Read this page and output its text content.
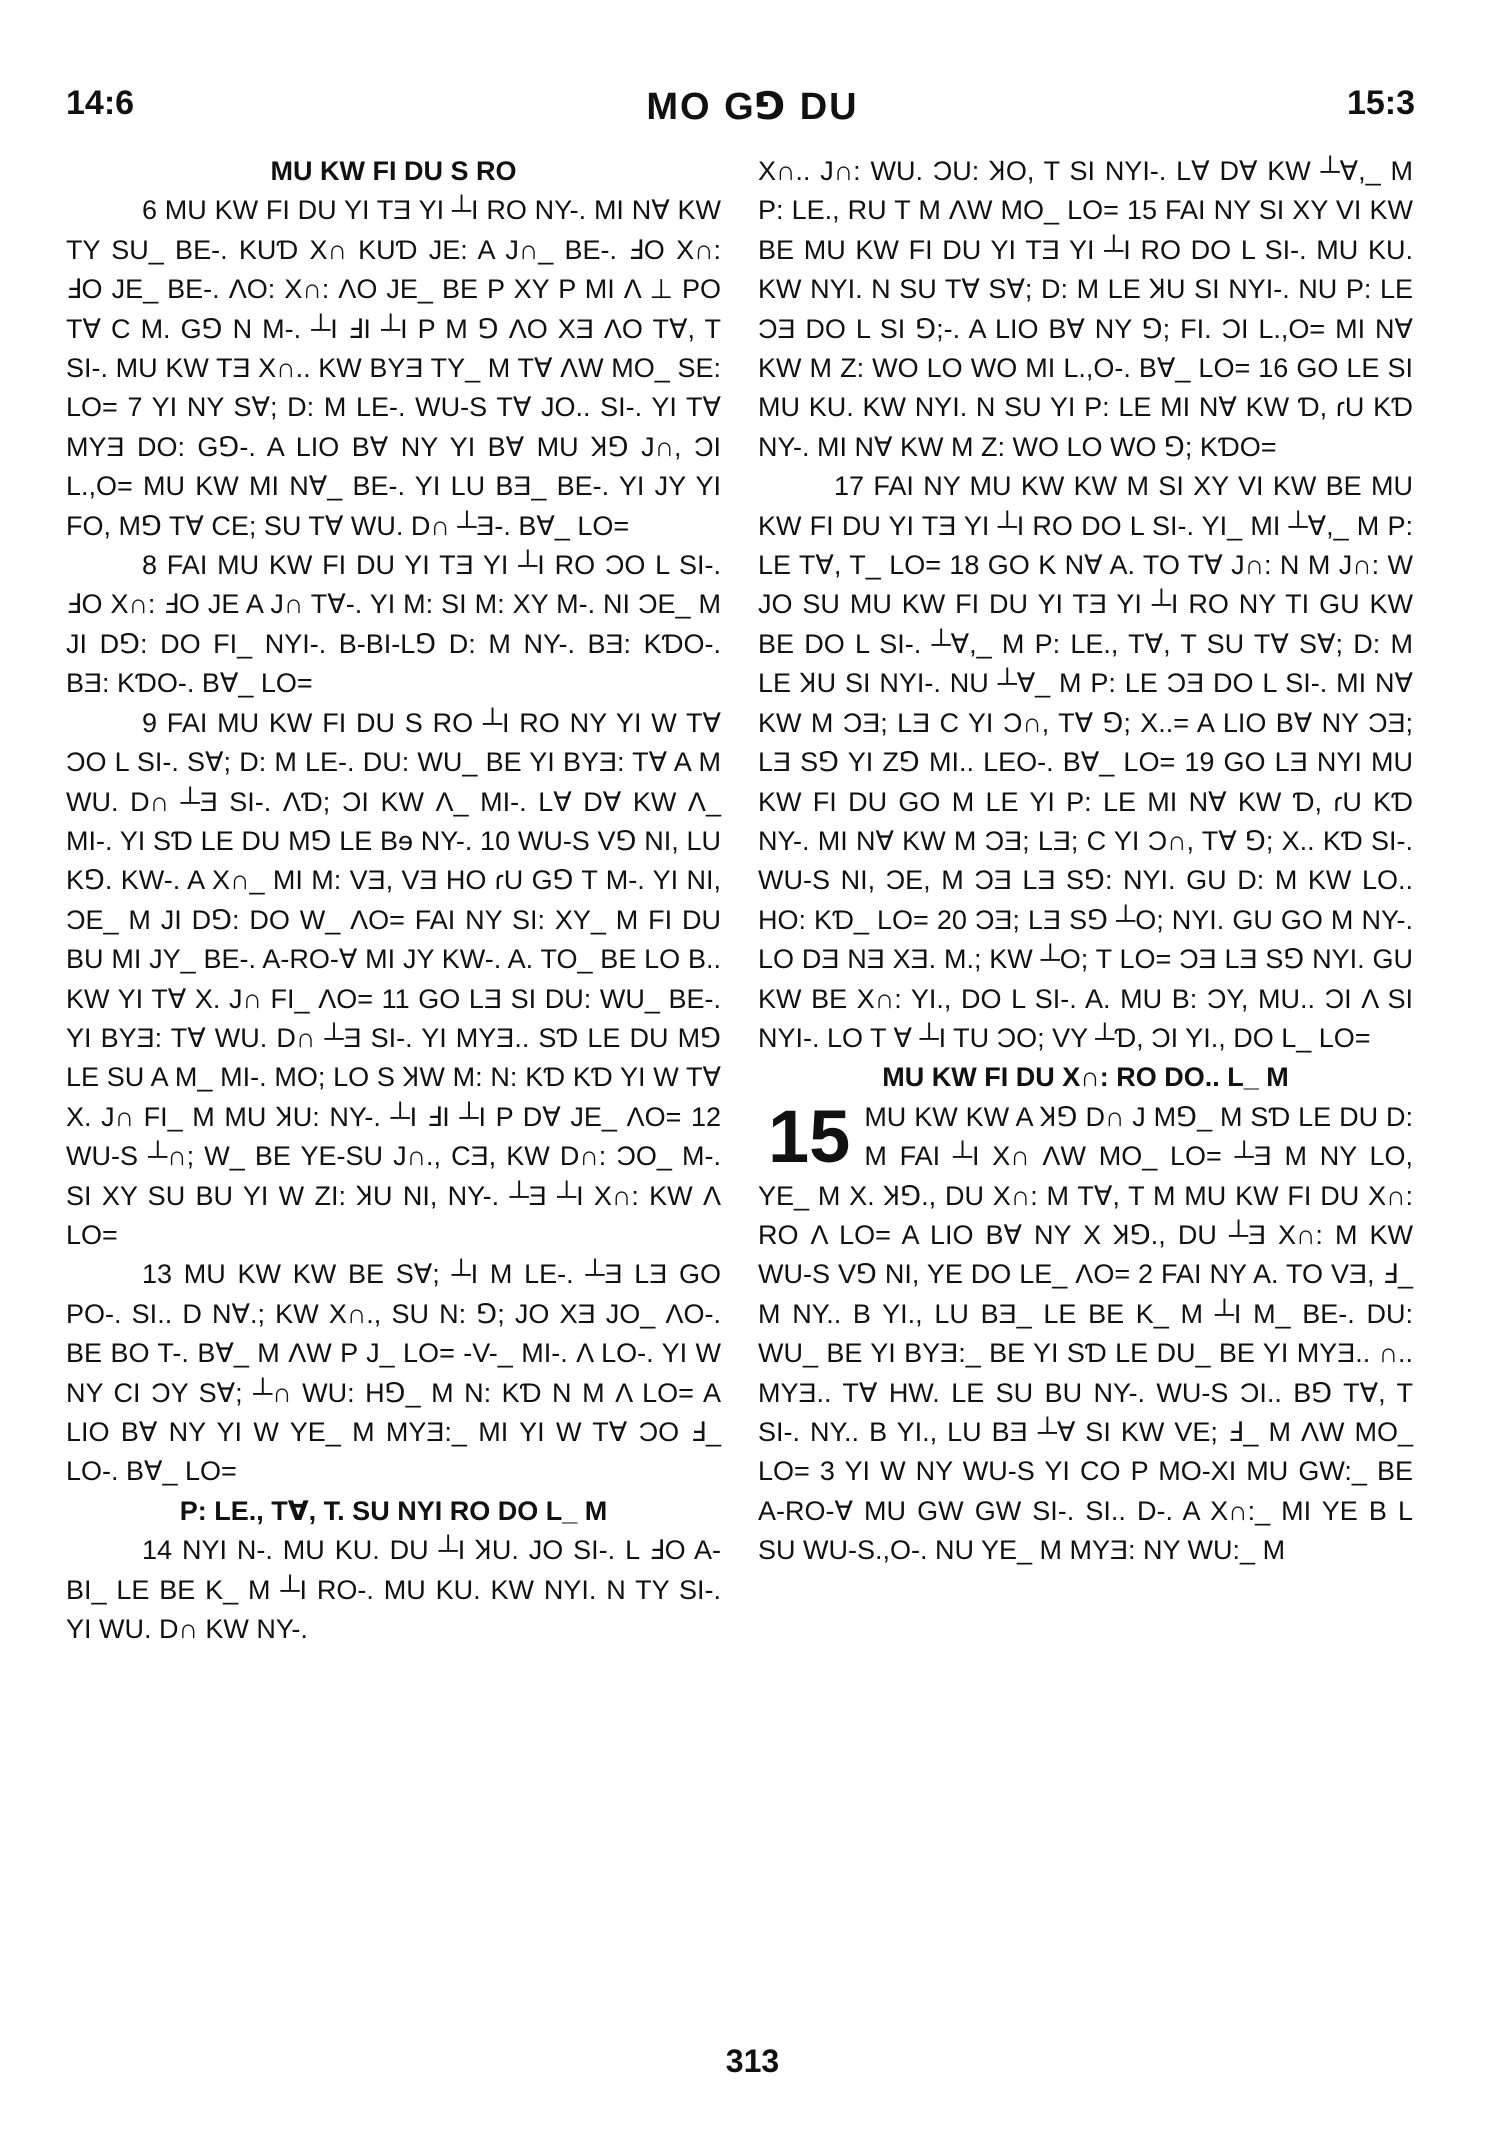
14:6	MO G⅁ DU	15:3

MU KW FI DU S RO

6 MU KW FI DU YI TƎ YI ┴I RO NY-. MI N∀ KW TY SU_ BE-. KUƊ X∩ KUƊ JE: A J∩_ BE-. ℲO X∩: ℲO JE_ BE-. ΛO: X∩: ΛO JE_ BE P XY P MI Λ ⊥ PO T∀ C M. G⅁ N M-. ┴I ℲI ┴I P M ⅁ ΛO XƎ ΛO T∀, T SI-. MU KW TƎ X∩.. KW BYƎ TY_ M T∀ ΛW MO_ SE: LO= 7 YI NY S∀; D: M LE-. WU-S T∀ JO.. SI-. YI T∀ MYƎ DO: G⅁-. A LIO B∀ NY YI B∀ MU Ʞ⅁ J∩, ƆI L.,O= MU KW MI N∀_ BE-. YI LU BƎ_ BE-. YI JY YI FO, M⅁ T∀ CE; SU T∀ WU. D∩ ┴Ǝ-. B∀_ LO=

8 FAI MU KW FI DU YI TƎ YI ┴I RO ƆO L SI-. ℲO X∩: ℲO JE A J∩ T∀-. YI M: SI M: XY M-. NI ƆE_ M JI D⅁: DO FI_ NYI-. B-BI-L⅁ D: M NY-. BƎ: KƊO-. BƎ: KƊO-. B∀_ LO=

9 FAI MU KW FI DU S RO ┴I RO NY YI W T∀ ƆO L SI-. S∀; D: M LE-. DU: WU_ BE YI BYƎ: T∀ A M WU. D∩ ┴Ǝ SI-. ΛƊ; ƆI KW Λ_ MI-. L∀ D∀ KW Λ_ MI-. YI SƊ LE DU M⅁ LE Bɘ NY-. 10 WU-S V⅁ NI, LU K⅁. KW-. A X∩_ MI M: VƎ, VƎ HO ɾU G⅁ T M-. YI NI, ƆE_ M JI D⅁: DO W_ ΛO= FAI NY SI: XY_ M FI DU BU MI JY_ BE-. A-RO-Ɐ MI JY KW-. A. TO_ BE LO B.. KW YI T∀ X. J∩ FI_ ΛO= 11 GO LƎ SI DU: WU_ BE-. YI BYƎ: T∀ WU. D∩ ┴Ǝ SI-. YI MYƎ.. SƊ LE DU M⅁ LE SU A M_ MI-. MO; LO S ꞰW M: N: KƊ KƊ YI W T∀ X. J∩ FI_ M MU ꞰU: NY-. ┴I ℲI ┴I P D∀ JE_ ΛO= 12 WU-S ┴∩; W_ BE YE-SU J∩., CƎ, KW D∩: ƆO_ M-. SI XY SU BU YI W ZI: ꞰU NI, NY-. ┴Ǝ ┴I X∩: KW Λ LO=

13 MU KW KW BE S∀; ┴I M LE-. ┴Ǝ LƎ GO PO-. SI.. D N∀.; KW X∩., SU N: ⅁; JO XƎ JO_ ΛO-. BE BO T-. B∀_ M ΛW P J_ LO= -V-_ MI-. Λ LO-. YI W NY CI ƆY S∀; ┴∩ WU: H⅁_ M N: KƊ N M Λ LO= A LIO B∀ NY YI W YE_ M MYƎ:_ MI YI W T∀ ƆO Ⅎ_ LO-. B∀_ LO=

P: LE., T∀, T. SU NYI RO DO L_ M

14 NYI N-. MU KU. DU ┴I ꞰU. JO SI-. L ℲO A-BI_ LE BE K_ M ┴I RO-. MU KU. KW NYI. N TY SI-. YI WU. D∩ KW NY-.

X∩.. J∩: WU. ƆU: ꞰO, T SI NYI-. L∀ D∀ KW ┴∀,_ M P: LE., RU T M ΛW MO_ LO= 15 FAI NY SI XY VI KW BE MU KW FI DU YI TƎ YI ┴I RO DO L SI-. MU KU. KW NYI. N SU T∀ S∀; D: M LE ꞰU SI NYI-. NU P: LE ƆƎ DO L SI ⅁;-. A LIO B∀ NY ⅁; FI. ƆI L.,O= MI N∀ KW M Z: WO LO WO MI L.,O-. B∀_ LO= 16 GO LE SI MU KU. KW NYI. N SU YI P: LE MI N∀ KW Ɗ, ɾU KƊ NY-. MI N∀ KW M Z: WO LO WO ⅁; KƊO=

17 FAI NY MU KW KW M SI XY VI KW BE MU KW FI DU YI TƎ YI ┴I RO DO L SI-. YI_ MI ┴∀,_ M P: LE T∀, T_ LO= 18 GO K N∀ A. TO T∀ J∩: N M J∩: W JO SU MU KW FI DU YI TƎ YI ┴I RO NY TI GU KW BE DO L SI-. ┴∀,_ M P: LE., T∀, T SU T∀ S∀; D: M LE ꞰU SI NYI-. NU ┴∀_ M P: LE ƆƎ DO L SI-. MI N∀ KW M ƆƎ; LƎ C YI Ɔ∩, T∀ ⅁; X..= A LIO B∀ NY ƆƎ; LƎ S⅁ YI Z⅁ MI.. LEO-. B∀_ LO= 19 GO LƎ NYI MU KW FI DU GO M LE YI P: LE MI N∀ KW Ɗ, ɾU KƊ NY-. MI N∀ KW M ƆƎ; LƎ; C YI Ɔ∩, T∀ ⅁; X.. KƊ SI-. WU-S NI, ƆE, M ƆƎ LƎ S⅁: NYI. GU D: M KW LO.. HO: KƊ_ LO= 20 ƆƎ; LƎ S⅁ ┴O; NYI. GU GO M NY-. LO DƎ NƎ XƎ. M.; KW ┴O; T LO= ƆƎ LƎ S⅁ NYI. GU KW BE X∩: YI., DO L SI-. A. MU B: ƆY, MU.. ƆI Λ SI NYI-. LO T Ɐ ┴I TU ƆO; VY ┴Ɗ, ƆI YI., DO L_ LO=

MU KW FI DU X∩: RO DO.. L_ M

15 MU KW KW A Ʞ⅁ D∩ J M⅁_ M SƊ LE DU D: M FAI ┴I X∩ ΛW MO_ LO= ┴Ǝ M NY LO, YE_ M X. Ʞ⅁., DU X∩: M T∀, T M MU KW FI DU X∩: RO Λ LO= A LIO B∀ NY X Ʞ⅁., DU ┴Ǝ X∩: M KW WU-S V⅁ NI, YE DO LE_ ΛO= 2 FAI NY A. TO VƎ, Ⅎ_ M NY.. B YI., LU BƎ_ LE BE K_ M ┴I M_ BE-. DU: WU_ BE YI BYƎ:_ BE YI SƊ LE DU_ BE YI MYƎ.. ∩.. MYƎ.. T∀ HW. LE SU BU NY-. WU-S ƆI.. B⅁ T∀, T SI-. NY.. B YI., LU BƎ ┴∀ SI KW VE; Ⅎ_ M ΛW MO_ LO= 3 YI W NY WU-S YI CO P MO-XI MU GW:_ BE A-RO-Ɐ MU GW GW SI-. SI.. D-. A X∩:_ MI YE B L SU WU-S.,O-. NU YE_ M MYƎ: NY WU:_ M

313
